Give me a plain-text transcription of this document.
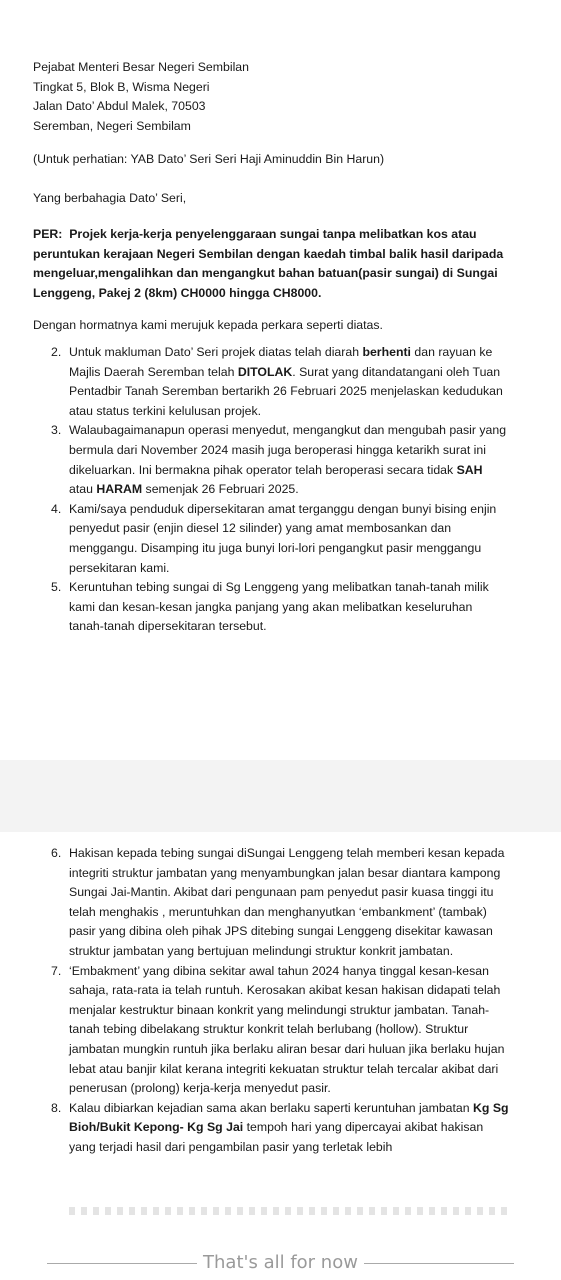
Pejabat Menteri Besar Negeri Sembilan
Tingkat 5, Blok B, Wisma Negeri
Jalan Dato’ Abdul Malek, 70503
Seremban, Negeri Sembilam
(Untuk perhatian: YAB Dato’ Seri Seri Haji Aminuddin Bin Harun)
Yang berbahagia Dato’ Seri,
PER: Projek kerja-kerja penyelenggaraan sungai tanpa melibatkan kos atau peruntukan kerajaan Negeri Sembilan dengan kaedah timbal balik hasil daripada mengeluar,mengalihkan dan mengangkut bahan batuan(pasir sungai) di Sungai Lenggeng, Pakej 2 (8km) CH0000 hingga CH8000.
Dengan hormatnya kami merujuk kepada perkara seperti diatas.
2. Untuk makluman Dato’ Seri projek diatas telah diarah berhenti dan rayuan ke Majlis Daerah Seremban telah DITOLAK. Surat yang ditandatangani oleh Tuan Pentadbir Tanah Seremban bertarikh 26 Februari 2025 menjelaskan kedudukan atau status terkini kelulusan projek.

3. Walaubagaimanapun operasi menyedut, mengangkut dan mengubah pasir yang bermula dari November 2024 masih juga beroperasi hingga ketarikh surat ini dikeluarkan. Ini bermakna pihak operator telah beroperasi secara tidak SAH atau HARAM semenjak 26 Februari 2025.

4. Kami/saya penduduk dipersekitaran amat terganggu dengan bunyi bising enjin penyedut pasir (enjin diesel 12 silinder) yang amat membosankan dan menggangu. Disamping itu juga bunyi lori-lori pengangkut pasir menggangu persekitaran kami.

5. Keruntuhan tebing sungai di Sg Lenggeng yang melibatkan tanah-tanah milik kami dan kesan-kesan jangka panjang yang akan melibatkan keseluruhan tanah-tanah dipersekitaran tersebut.

6. Hakisan kepada tebing sungai diSungai Lenggeng telah memberi kesan kepada integriti struktur jambatan yang menyambungkan jalan besar diantara kampong Sungai Jai-Mantin. Akibat dari pengunaan pam penyedut pasir kuasa tinggi itu telah menghakis , meruntuhkan dan menghanyutkan ‘embankment’ (tambak) pasir yang dibina oleh pihak JPS ditebing sungai Lenggeng disekitar kawasan struktur jambatan yang bertujuan melindungi struktur konkrit jambatan.

7. ‘Embakment’ yang dibina sekitar awal tahun 2024 hanya tinggal kesan-kesan sahaja, rata-rata ia telah runtuh. Kerosakan akibat kesan hakisan didapati telah menjalar kestruktur binaan konkrit yang melindungi struktur jambatan. Tanah-tanah tebing dibelakang struktur konkrit telah berlubang (hollow). Struktur jambatan mungkin runtuh jika berlaku aliran besar dari huluan jika berlaku hujan lebat atau banjir kilat kerana integriti kekuatan struktur telah tercalar akibat dari penerusan (prolong) kerja-kerja menyedut pasir.

8. Kalau dibiarkan kejadian sama akan berlaku saperti keruntuhan jambatan Kg Sg Bioh/Bukit Kepong- Kg Sg Jai tempoh hari yang dipercayai akibat hakisan yang terjadi hasil dari pengambilan pasir yang terletak lebih

That's all for now
